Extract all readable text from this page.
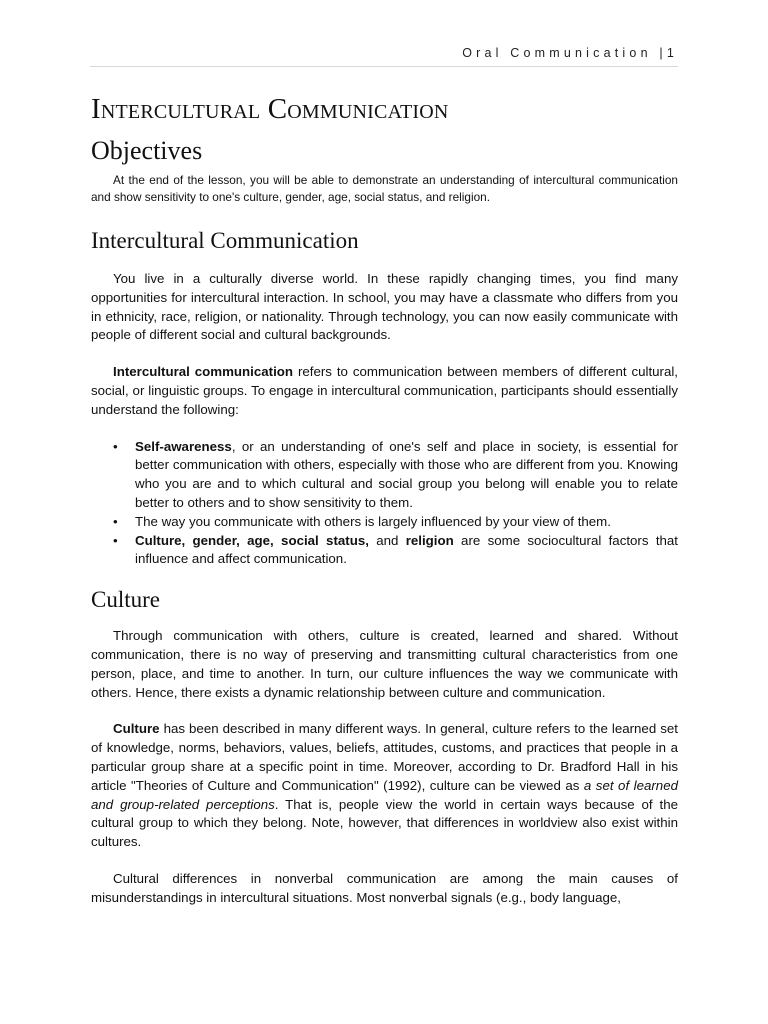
Oral Communication |1
Intercultural Communication
Objectives

At the end of the lesson, you will be able to demonstrate an understanding of intercultural communication and show sensitivity to one's culture, gender, age, social status, and religion.

Intercultural Communication

You live in a culturally diverse world. In these rapidly changing times, you find many opportunities for intercultural interaction. In school, you may have a classmate who differs from you in ethnicity, race, religion, or nationality. Through technology, you can now easily communicate with people of different social and cultural backgrounds.

Intercultural communication refers to communication between members of different cultural, social, or linguistic groups. To engage in intercultural communication, participants should essentially understand the following:

• Self-awareness, or an understanding of one's self and place in society, is essential for better communication with others, especially with those who are different from you. Knowing who you are and to which cultural and social group you belong will enable you to relate better to others and to show sensitivity to them.
• The way you communicate with others is largely influenced by your view of them.
• Culture, gender, age, social status, and religion are some sociocultural factors that influence and affect communication.
Culture

Through communication with others, culture is created, learned and shared. Without communication, there is no way of preserving and transmitting cultural characteristics from one person, place, and time to another. In turn, our culture influences the way we communicate with others. Hence, there exists a dynamic relationship between culture and communication.

Culture has been described in many different ways. In general, culture refers to the learned set of knowledge, norms, behaviors, values, beliefs, attitudes, customs, and practices that people in a particular group share at a specific point in time. Moreover, according to Dr. Bradford Hall in his article "Theories of Culture and Communication" (1992), culture can be viewed as a set of learned and group-related perceptions. That is, people view the world in certain ways because of the cultural group to which they belong. Note, however, that differences in worldview also exist within cultures.

Cultural differences in nonverbal communication are among the main causes of misunderstandings in intercultural situations. Most nonverbal signals (e.g., body language,
